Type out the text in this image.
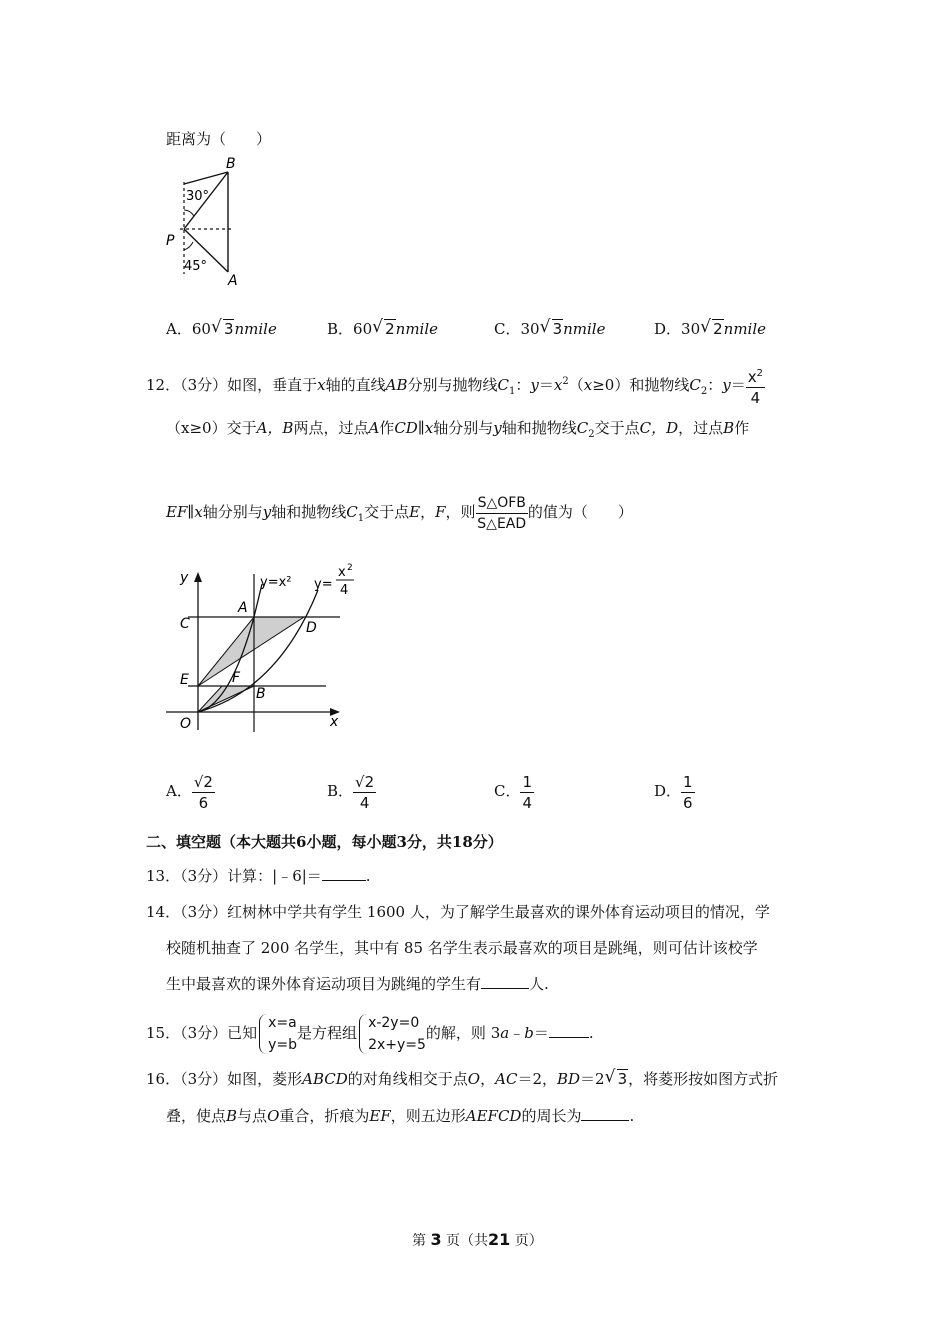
距离为（　　）
B
P
A
30°
45°
A．60 √ 3nmile	B．60 √ 2nmile	C．30 √ 3nmile	D．30 √ 2nmile
12．（3分）如图，垂直于x轴的直线AB分别与抛物线$C_1$：$y=x^2(x\ge 0)$和抛物线$C_2$：$y= \frac{x^2}{4}$
（x≥0）交于A，B两点，过点A作CD∥x轴分别与y轴和抛物线$C_2$交于点C，D，过点B作
EF∥x轴分别与y轴和抛物线$C_1$交于点E，F，则 $\frac{\text{S△OFB}}{\text{S△EAD}}$ 的值为（　　）
y
x
O
C
E
A
D
F
B
y=x² y=
x 2
4
A． $\frac{√2}{6}$	B． $\frac{√2}{4}$	C． $\frac{1}{4}$	D． $\frac{1}{6}$
二、填空题（本大题共6小题，每小题3分，共18分）
13．（3分）计算：|﹣6|＝	.
14．（3分）红树林中学共有学生 1600 人，为了解学生最喜欢的课外体育运动项目的情况，学
校随机抽查了 200 名学生，其中有 85 名学生表示最喜欢的项目是跳绳，则可估计该校学
生中最喜欢的课外体育运动项目为跳绳的学生有	人.
15．（3分）已知
x=a
y=b
是方程组
x-2y=0
2x+y=5
的解，则 3a﹣b＝	.
16．（3分）如图，菱形ABCD的对角线相交于点O，AC＝2，BD＝2 √ 3，将菱形按如图方式折
叠，使点B与点O重合，折痕为EF，则五边形AEFCD的周长为	.
第 3 页（共21 页）
